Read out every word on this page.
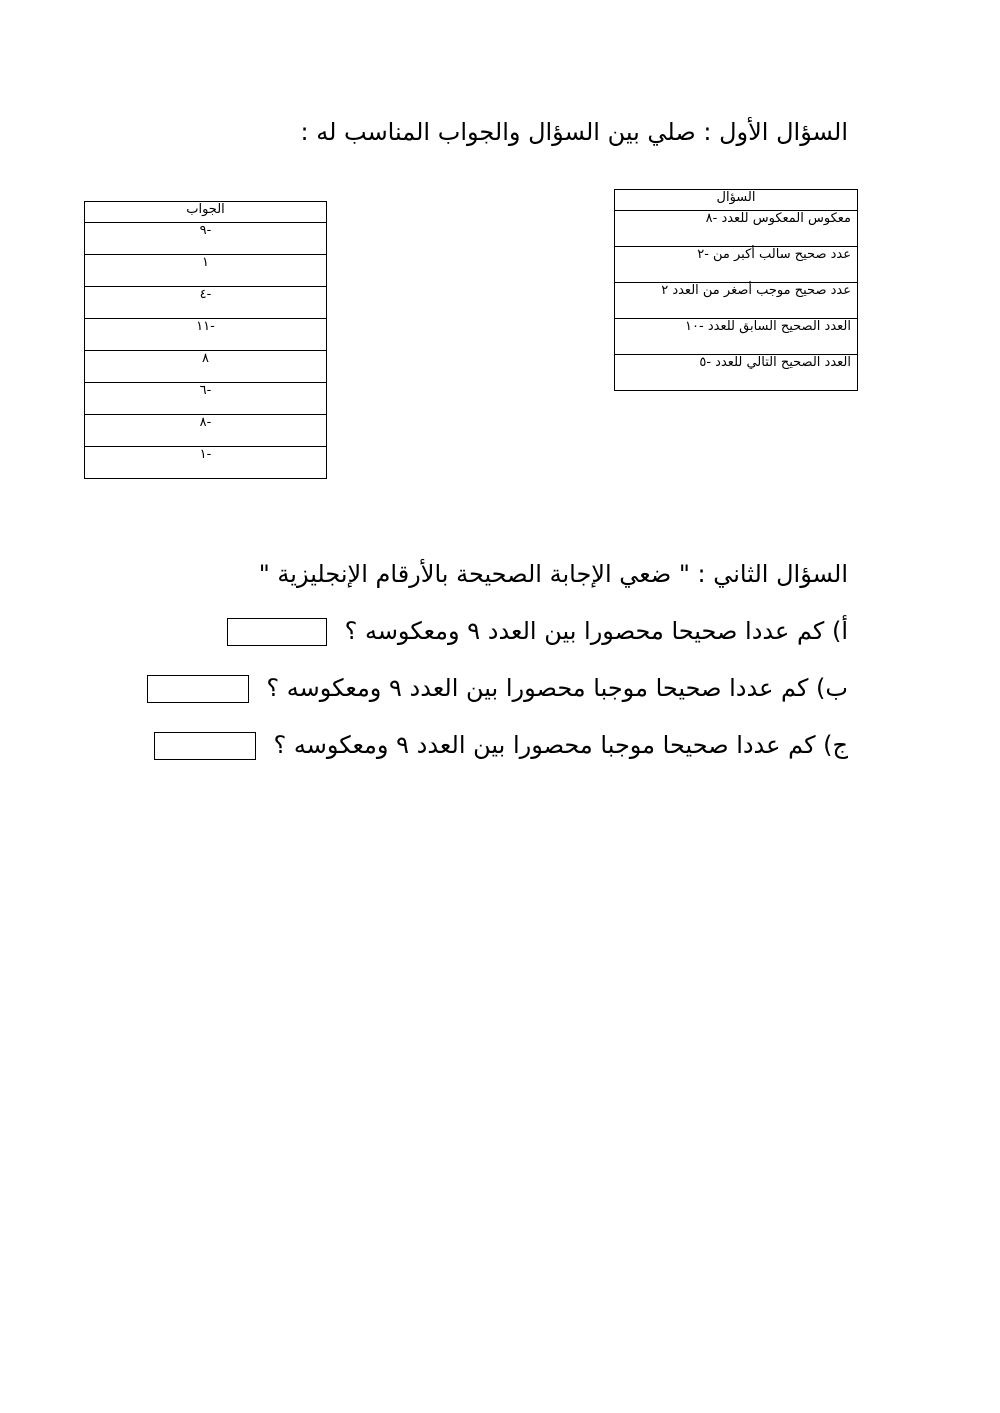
السؤال الأول : صلي بين السؤال والجواب المناسب له :
السؤال
معكوس المعكوس للعدد -٨
عدد صحيح سالب أكبر من -٢
عدد صحيح موجب أصغر من العدد ٢
العدد الصحيح السابق للعدد -١٠
العدد الصحيح التالي للعدد -٥
الجواب
-٩
١
-٤
-١١
٨
-٦
-٨
-١
السؤال الثاني : " ضعي الإجابة الصحيحة بالأرقام الإنجليزية "
أ) كم عددا صحيحا محصورا بين العدد ٩ ومعكوسه ؟
ب) كم عددا صحيحا موجبا محصورا بين العدد ٩ ومعكوسه ؟
ج) كم عددا صحيحا موجبا محصورا بين العدد ٩ ومعكوسه ؟
